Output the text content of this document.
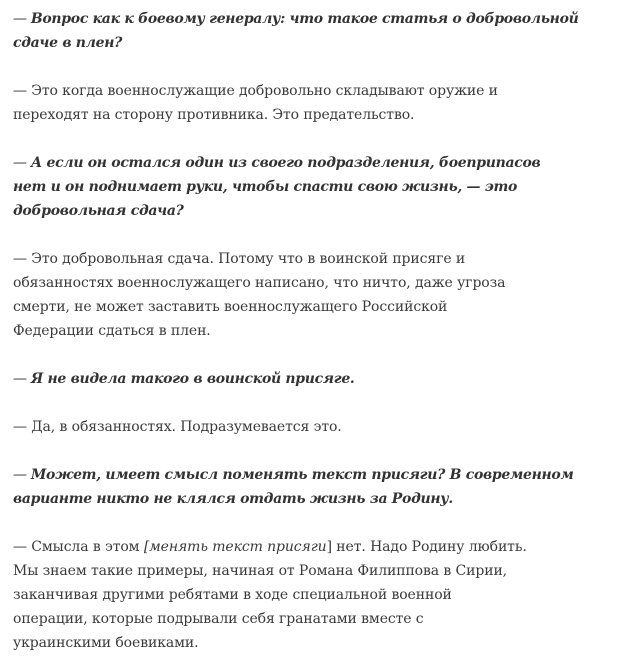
— Вопрос как к боевому генералу: что такое статья о добровольной
сдаче в плен?

— Это когда военнослужащие добровольно складывают оружие и
переходят на сторону противника. Это предательство.

— А если он остался один из своего подразделения, боеприпасов
нет и он поднимает руки, чтобы спасти свою жизнь, — это
добровольная сдача?

— Это добровольная сдача. Потому что в воинской присяге и
обязанностях военнослужащего написано, что ничто, даже угроза
смерти, не может заставить военнослужащего Российской
Федерации сдаться в плен.

— Я не видела такого в воинской присяге.

— Да, в обязанностях. Подразумевается это.

— Может, имеет смысл поменять текст присяги? В современном
варианте никто не клялся отдать жизнь за Родину.

— Смысла в этом [менять текст присяги] нет. Надо Родину любить.
Мы знаем такие примеры, начиная от Романа Филиппова в Сирии,
заканчивая другими ребятами в ходе специальной военной
операции, которые подрывали себя гранатами вместе с
украинскими боевиками.
